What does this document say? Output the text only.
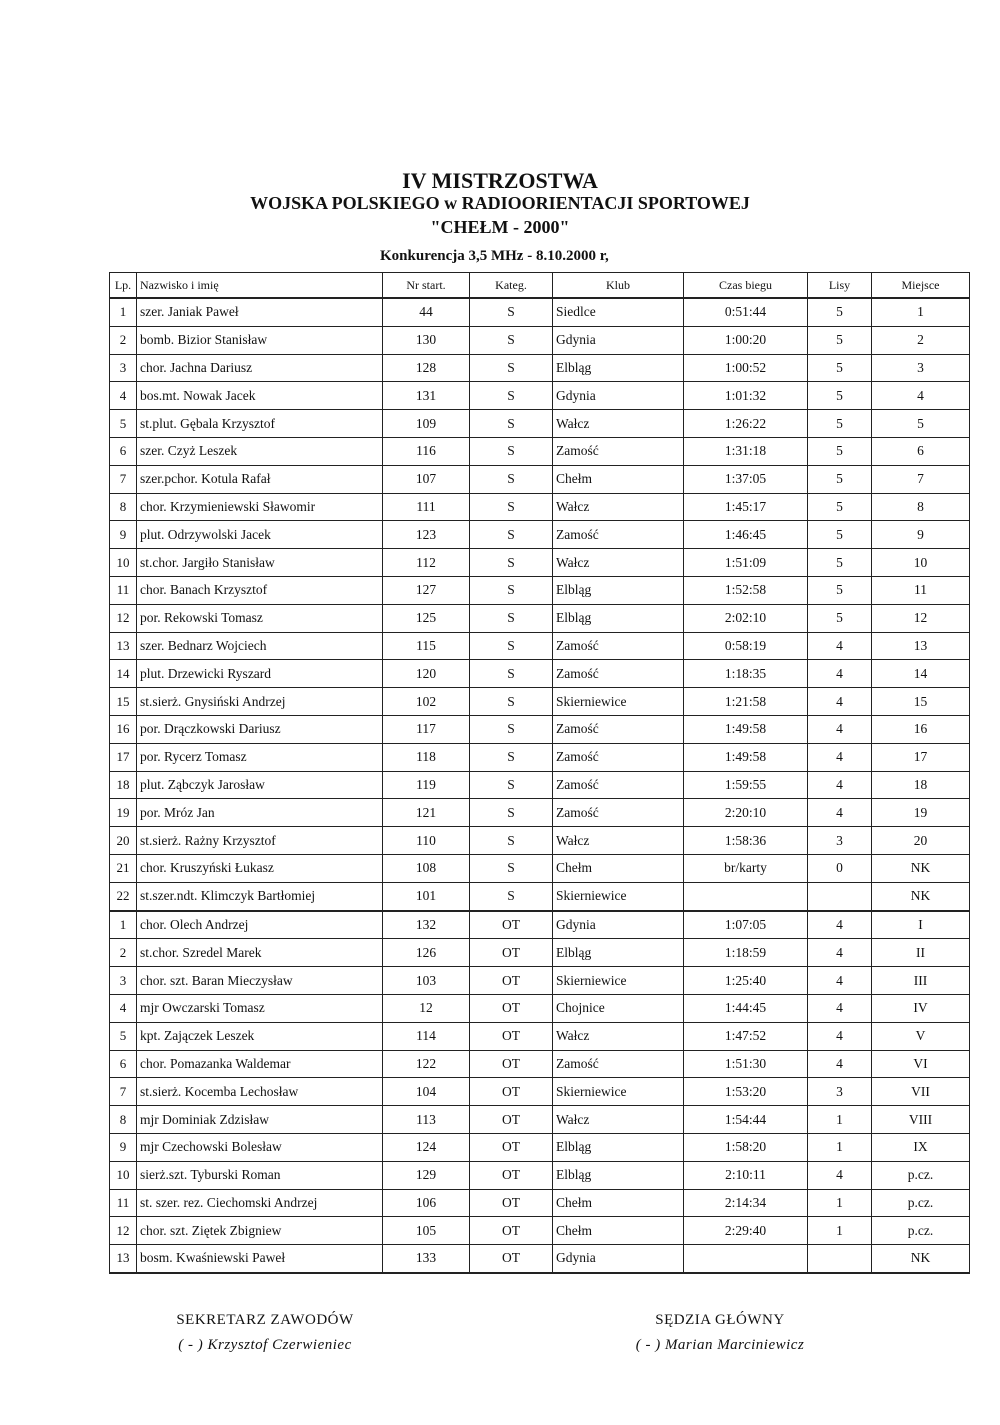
IV MISTRZOSTWA
WOJSKA POLSKIEGO w RADIOORIENTACJI SPORTOWEJ
"CHEŁM - 2000"
Konkurencja 3,5 MHz - 8.10.2000 r,
Lp.	Nazwisko i imię	Nr start.	Kateg.	Klub	Czas biegu	Lisy	Miejsce
1	szer. Janiak Paweł	44	S	Siedlce	0:51:44	5	1
2	bomb. Bizior Stanisław	130	S	Gdynia	1:00:20	5	2
3	chor. Jachna Dariusz	128	S	Elbląg	1:00:52	5	3
4	bos.mt. Nowak Jacek	131	S	Gdynia	1:01:32	5	4
5	st.plut. Gębala Krzysztof	109	S	Wałcz	1:26:22	5	5
6	szer. Czyż Leszek	116	S	Zamość	1:31:18	5	6
7	szer.pchor. Kotula Rafał	107	S	Chełm	1:37:05	5	7
8	chor. Krzymieniewski Sławomir	111	S	Wałcz	1:45:17	5	8
9	plut. Odrzywolski Jacek	123	S	Zamość	1:46:45	5	9
10	st.chor. Jargiło Stanisław	112	S	Wałcz	1:51:09	5	10
11	chor. Banach Krzysztof	127	S	Elbląg	1:52:58	5	11
12	por. Rekowski Tomasz	125	S	Elbląg	2:02:10	5	12
13	szer. Bednarz Wojciech	115	S	Zamość	0:58:19	4	13
14	plut. Drzewicki Ryszard	120	S	Zamość	1:18:35	4	14
15	st.sierż. Gnysiński Andrzej	102	S	Skierniewice	1:21:58	4	15
16	por. Drączkowski Dariusz	117	S	Zamość	1:49:58	4	16
17	por. Rycerz Tomasz	118	S	Zamość	1:49:58	4	17
18	plut. Ząbczyk Jarosław	119	S	Zamość	1:59:55	4	18
19	por. Mróz Jan	121	S	Zamość	2:20:10	4	19
20	st.sierż. Rażny Krzysztof	110	S	Wałcz	1:58:36	3	20
21	chor. Kruszyński Łukasz	108	S	Chełm	br/karty	0	NK
22	st.szer.ndt. Klimczyk Bartłomiej	101	S	Skierniewice			NK
1	chor. Olech Andrzej	132	OT	Gdynia	1:07:05	4	I
2	st.chor. Szredel Marek	126	OT	Elbląg	1:18:59	4	II
3	chor. szt. Baran Mieczysław	103	OT	Skierniewice	1:25:40	4	III
4	mjr Owczarski Tomasz	12	OT	Chojnice	1:44:45	4	IV
5	kpt. Zajączek Leszek	114	OT	Wałcz	1:47:52	4	V
6	chor. Pomazanka Waldemar	122	OT	Zamość	1:51:30	4	VI
7	st.sierż. Kocemba Lechosław	104	OT	Skierniewice	1:53:20	3	VII
8	mjr Dominiak Zdzisław	113	OT	Wałcz	1:54:44	1	VIII
9	mjr Czechowski Bolesław	124	OT	Elbląg	1:58:20	1	IX
10	sierż.szt. Tyburski Roman	129	OT	Elbląg	2:10:11	4	p.cz.
11	st. szer. rez. Ciechomski Andrzej	106	OT	Chełm	2:14:34	1	p.cz.
12	chor. szt. Ziętek Zbigniew	105	OT	Chełm	2:29:40	1	p.cz.
13	bosm. Kwaśniewski Paweł	133	OT	Gdynia			NK
SEKRETARZ ZAWODÓW
( - ) Krzysztof Czerwieniec
SĘDZIA GŁÓWNY
( - ) Marian Marciniewicz
